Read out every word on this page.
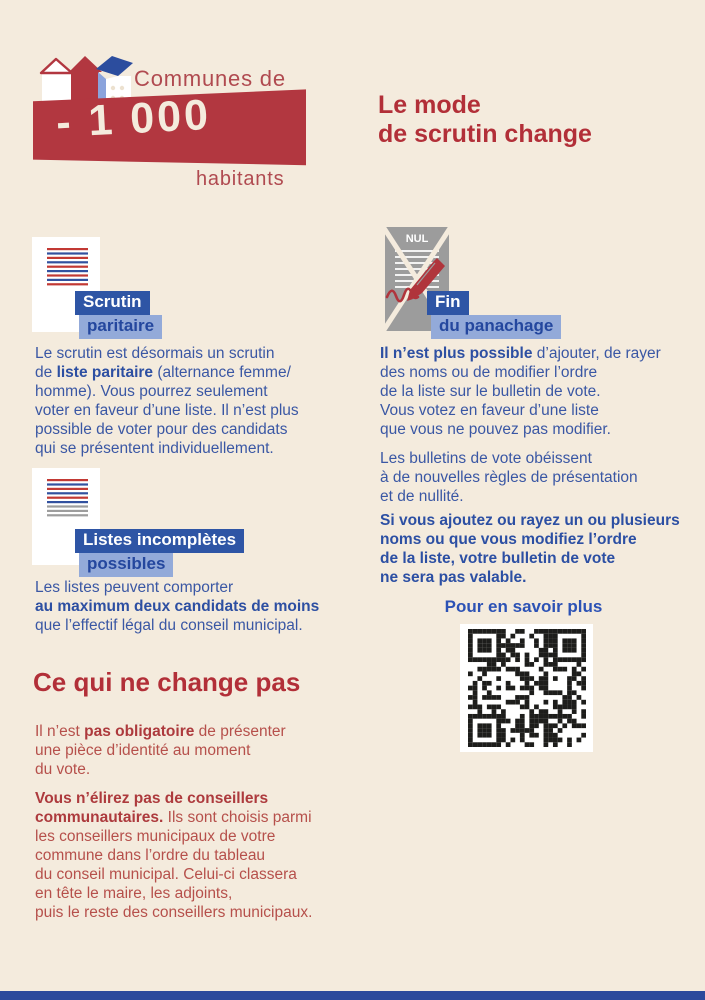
Communes de
- 1 000
habitants
Le mode
de scrutin change
Scrutin
paritaire
Le scrutin est désormais un scrutin
de liste paritaire (alternance femme/
homme). Vous pourrez seulement
voter en faveur d’une liste. Il n’est plus
possible de voter pour des candidats
qui se présentent individuellement.
Listes incomplètes
possibles
Les listes peuvent comporter
au maximum deux candidats de moins
que l’effectif légal du conseil municipal.
Ce qui ne change pas
Il n’est pas obligatoire de présenter
une pièce d’identité au moment
du vote.
Vous n’élirez pas de conseillers
communautaires. Ils sont choisis parmi
les conseillers municipaux de votre
commune dans l’ordre du tableau
du conseil municipal. Celui-ci classera
en tête le maire, les adjoints,
puis le reste des conseillers municipaux.
NUL
Fin
du panachage
Il n’est plus possible d’ajouter, de rayer
des noms ou de modifier l’ordre
de la liste sur le bulletin de vote.
Vous votez en faveur d’une liste
que vous ne pouvez pas modifier.
Les bulletins de vote obéissent
à de nouvelles règles de présentation
et de nullité.
Si vous ajoutez ou rayez un ou plusieurs
noms ou que vous modifiez l’ordre
de la liste, votre bulletin de vote
ne sera pas valable.
Pour en savoir plus
